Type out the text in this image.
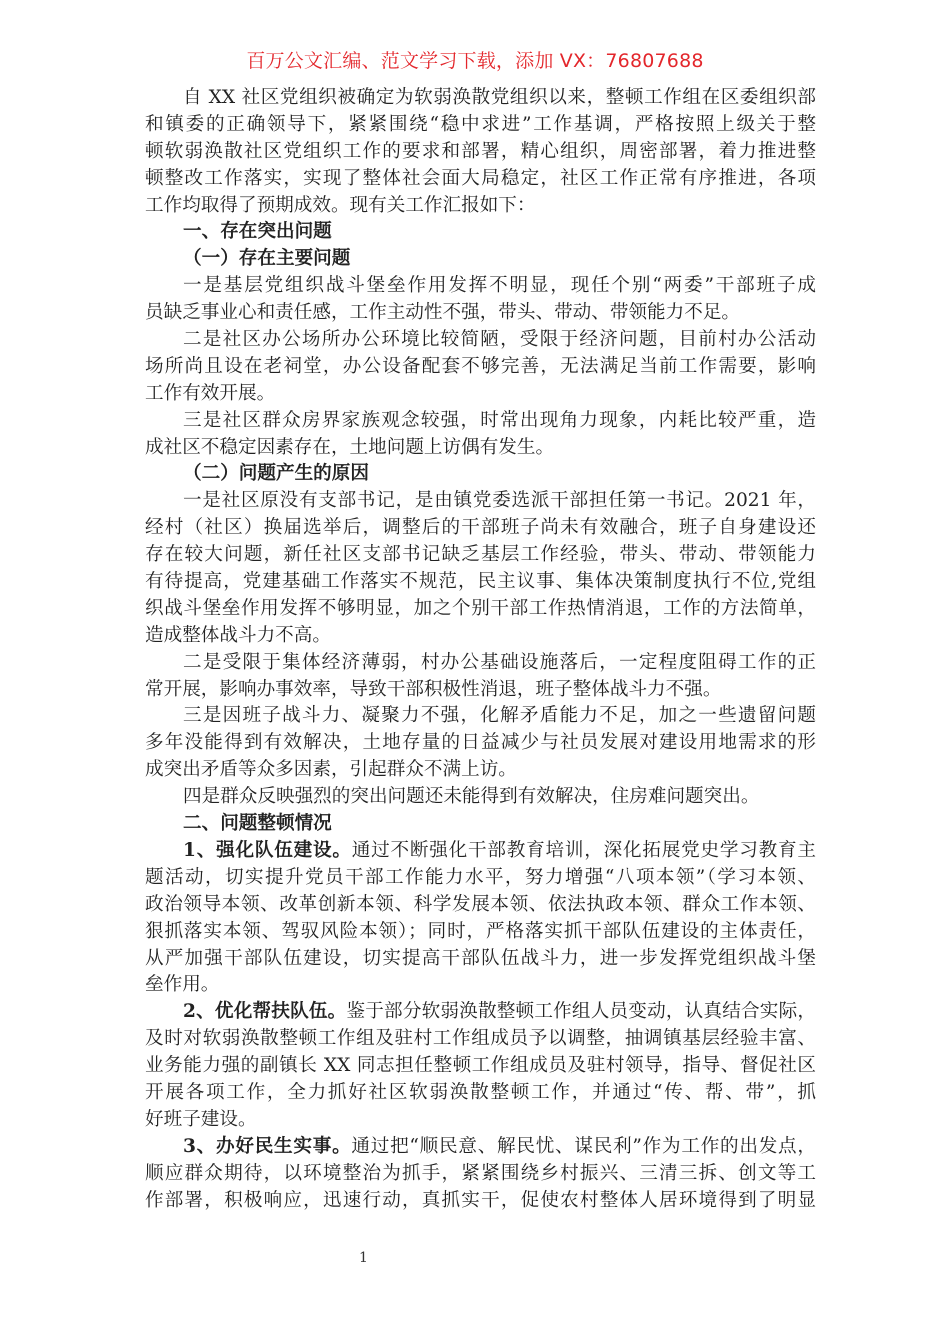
百万公文汇编、范文学习下载，添加 VX：76807688
自 XX 社区党组织被确定为软弱涣散党组织以来，整顿工作组在区委组织部
和镇委的正确领导下，紧紧围绕“稳中求进”工作基调，严格按照上级关于整
顿软弱涣散社区党组织工作的要求和部署，精心组织，周密部署，着力推进整
顿整改工作落实，实现了整体社会面大局稳定，社区工作正常有序推进，各项
工作均取得了预期成效。现有关工作汇报如下：
一、存在突出问题
（一）存在主要问题
一是基层党组织战斗堡垒作用发挥不明显，现任个别“两委”干部班子成
员缺乏事业心和责任感，工作主动性不强，带头、带动、带领能力不足。
二是社区办公场所办公环境比较简陋，受限于经济问题，目前村办公活动
场所尚且设在老祠堂，办公设备配套不够完善，无法满足当前工作需要，影响
工作有效开展。
三是社区群众房界家族观念较强，时常出现角力现象，内耗比较严重，造
成社区不稳定因素存在，土地问题上访偶有发生。
（二）问题产生的原因
一是社区原没有支部书记，是由镇党委选派干部担任第一书记。2021 年，
经村（社区）换届选举后，调整后的干部班子尚未有效融合，班子自身建设还
存在较大问题，新任社区支部书记缺乏基层工作经验，带头、带动、带领能力
有待提高，党建基础工作落实不规范，民主议事、集体决策制度执行不位,党组
织战斗堡垒作用发挥不够明显，加之个别干部工作热情消退，工作的方法简单，
造成整体战斗力不高。
二是受限于集体经济薄弱，村办公基础设施落后，一定程度阻碍工作的正
常开展，影响办事效率，导致干部积极性消退，班子整体战斗力不强。
三是因班子战斗力、凝聚力不强，化解矛盾能力不足，加之一些遗留问题
多年没能得到有效解决，土地存量的日益减少与社员发展对建设用地需求的形
成突出矛盾等众多因素，引起群众不满上访。
四是群众反映强烈的突出问题还未能得到有效解决，住房难问题突出。
二、问题整顿情况
1、强化队伍建设。通过不断强化干部教育培训，深化拓展党史学习教育主
题活动，切实提升党员干部工作能力水平，努力增强“八项本领”（学习本领、
政治领导本领、改革创新本领、科学发展本领、依法执政本领、群众工作本领、
狠抓落实本领、驾驭风险本领）；同时，严格落实抓干部队伍建设的主体责任，
从严加强干部队伍建设，切实提高干部队伍战斗力，进一步发挥党组织战斗堡
垒作用。
2、优化帮扶队伍。鉴于部分软弱涣散整顿工作组人员变动，认真结合实际，
及时对软弱涣散整顿工作组及驻村工作组成员予以调整，抽调镇基层经验丰富、
业务能力强的副镇长 XX 同志担任整顿工作组成员及驻村领导，指导、督促社区
开展各项工作，全力抓好社区软弱涣散整顿工作，并通过“传、帮、带”，抓
好班子建设。
3、办好民生实事。通过把“顺民意、解民忧、谋民利”作为工作的出发点，
顺应群众期待，以环境整治为抓手，紧紧围绕乡村振兴、三清三拆、创文等工
作部署，积极响应，迅速行动，真抓实干，促使农村整体人居环境得到了明显
1
